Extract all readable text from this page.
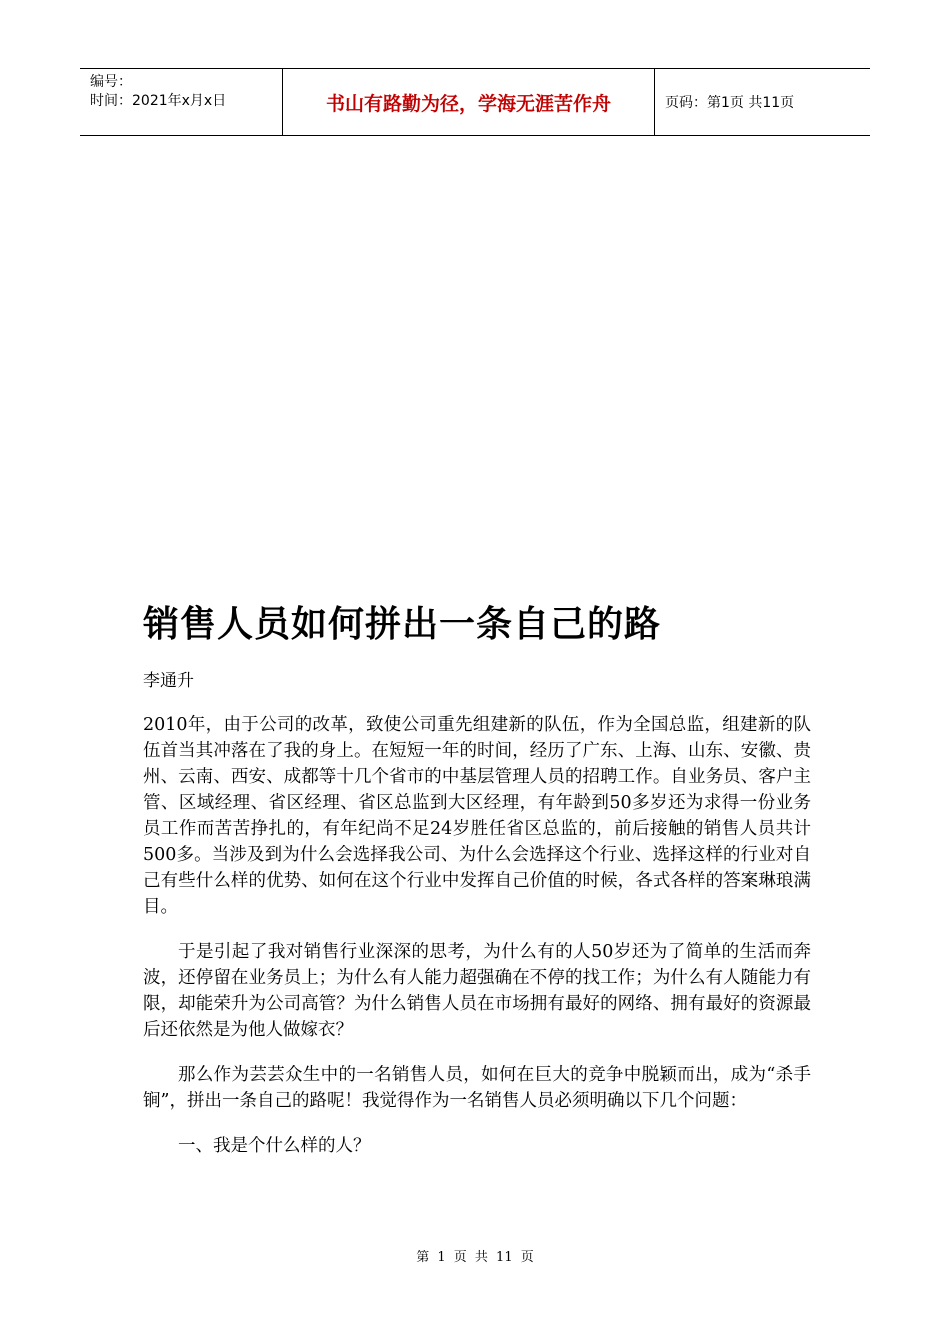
编号：
时间：2021年x月x日	书山有路勤为径，学海无涯苦作舟	页码：第1页 共11页
销售人员如何拼出一条自己的路
李通升

2010年，由于公司的改革，致使公司重先组建新的队伍，作为全国总监，组建新的队伍首当其冲落在了我的身上。在短短一年的时间，经历了广东、上海、山东、安徽、贵州、云南、西安、成都等十几个省市的中基层管理人员的招聘工作。自业务员、客户主管、区域经理、省区经理、省区总监到大区经理，有年龄到50多岁还为求得一份业务员工作而苦苦挣扎的，有年纪尚不足24岁胜任省区总监的，前后接触的销售人员共计500多。当涉及到为什么会选择我公司、为什么会选择这个行业、选择这样的行业对自己有些什么样的优势、如何在这个行业中发挥自己价值的时候，各式各样的答案琳琅满目。

于是引起了我对销售行业深深的思考，为什么有的人50岁还为了简单的生活而奔波，还停留在业务员上；为什么有人能力超强确在不停的找工作；为什么有人随能力有限，却能荣升为公司高管？为什么销售人员在市场拥有最好的网络、拥有最好的资源最后还依然是为他人做嫁衣？

那么作为芸芸众生中的一名销售人员，如何在巨大的竞争中脱颖而出，成为“杀手锏”，拼出一条自己的路呢！我觉得作为一名销售人员必须明确以下几个问题：

一、我是个什么样的人？

第 1 页 共 11 页
